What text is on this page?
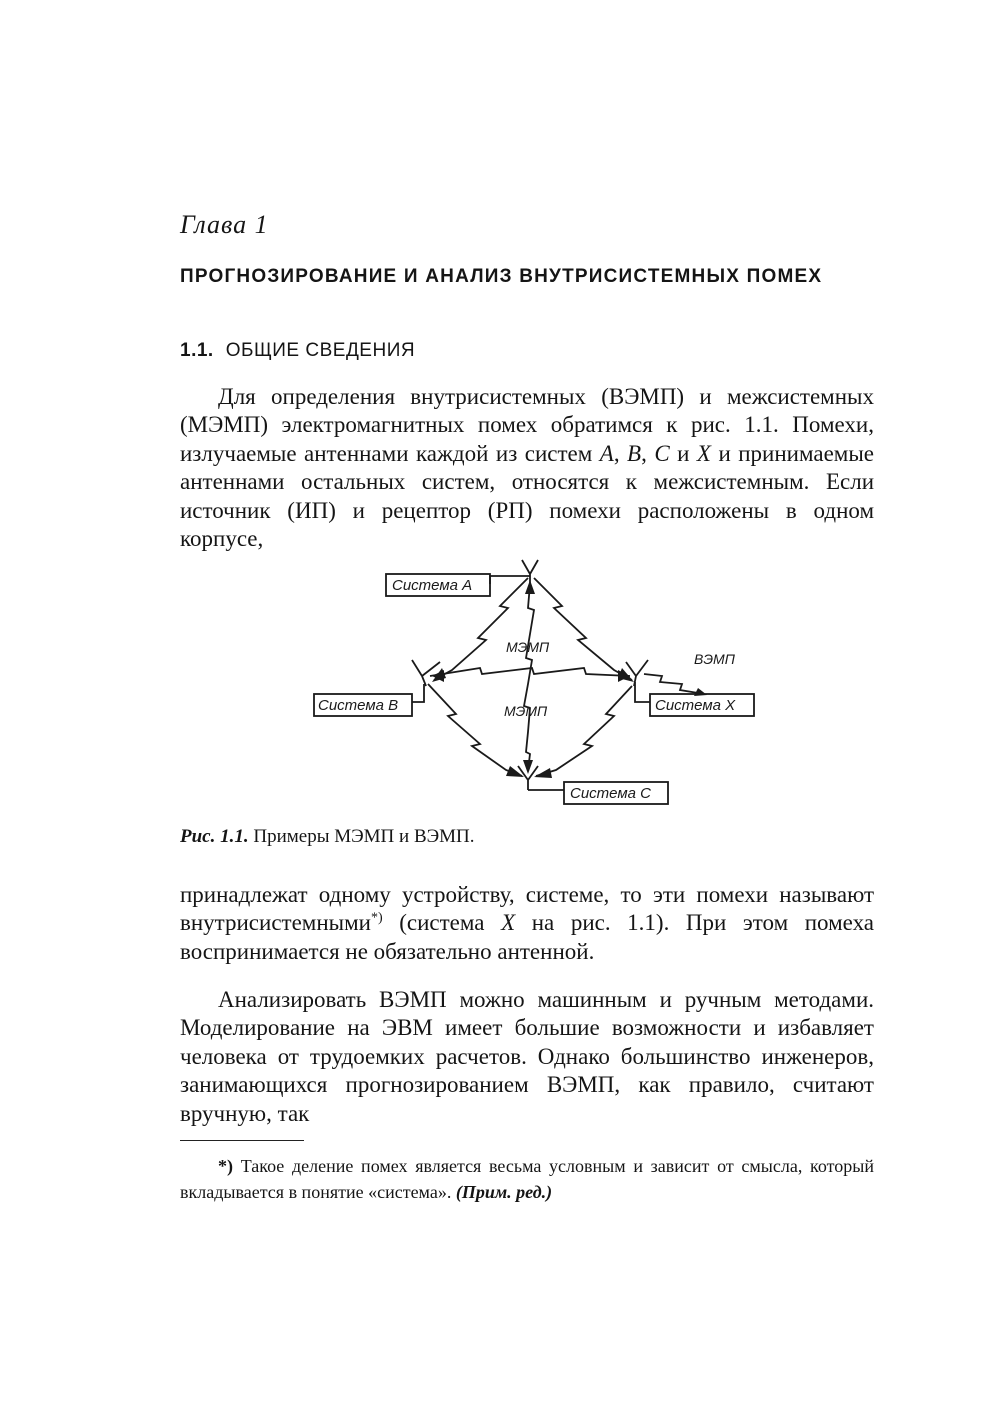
Глава 1
ПРОГНОЗИРОВАНИЕ И АНАЛИЗ ВНУТРИСИСТЕМНЫХ ПОМЕХ
1.1. ОБЩИЕ СВЕДЕНИЯ

Для определения внутрисистемных (ВЭМП) и межсистемных (МЭМП) электромагнитных помех обратимся к рис. 1.1. Помехи, излучаемые антеннами каждой из систем A, B, C и X и принимаемые антеннами остальных систем, относятся к межсистемным. Если источник (ИП) и рецептор (РП) помехи расположены в одном корпусе,

Система А
Система В	Система X
Система С
МЭМП
МЭМП
ВЭМП
Рис. 1.1. Примеры МЭМП и ВЭМП.

принадлежат одному устройству, системе, то эти помехи называют внутрисистемными*) (система X на рис. 1.1). При этом помеха воспринимается не обязательно антенной.

Анализировать ВЭМП можно машинным и ручным методами. Моделирование на ЭВМ имеет большие возможности и избавляет человека от трудоемких расчетов. Однако большинство инженеров, занимающихся прогнозированием ВЭМП, как правило, считают вручную, так

*) Такое деление помех является весьма условным и зависит от смысла, который вкладывается в понятие «система». (Прим. ред.)
